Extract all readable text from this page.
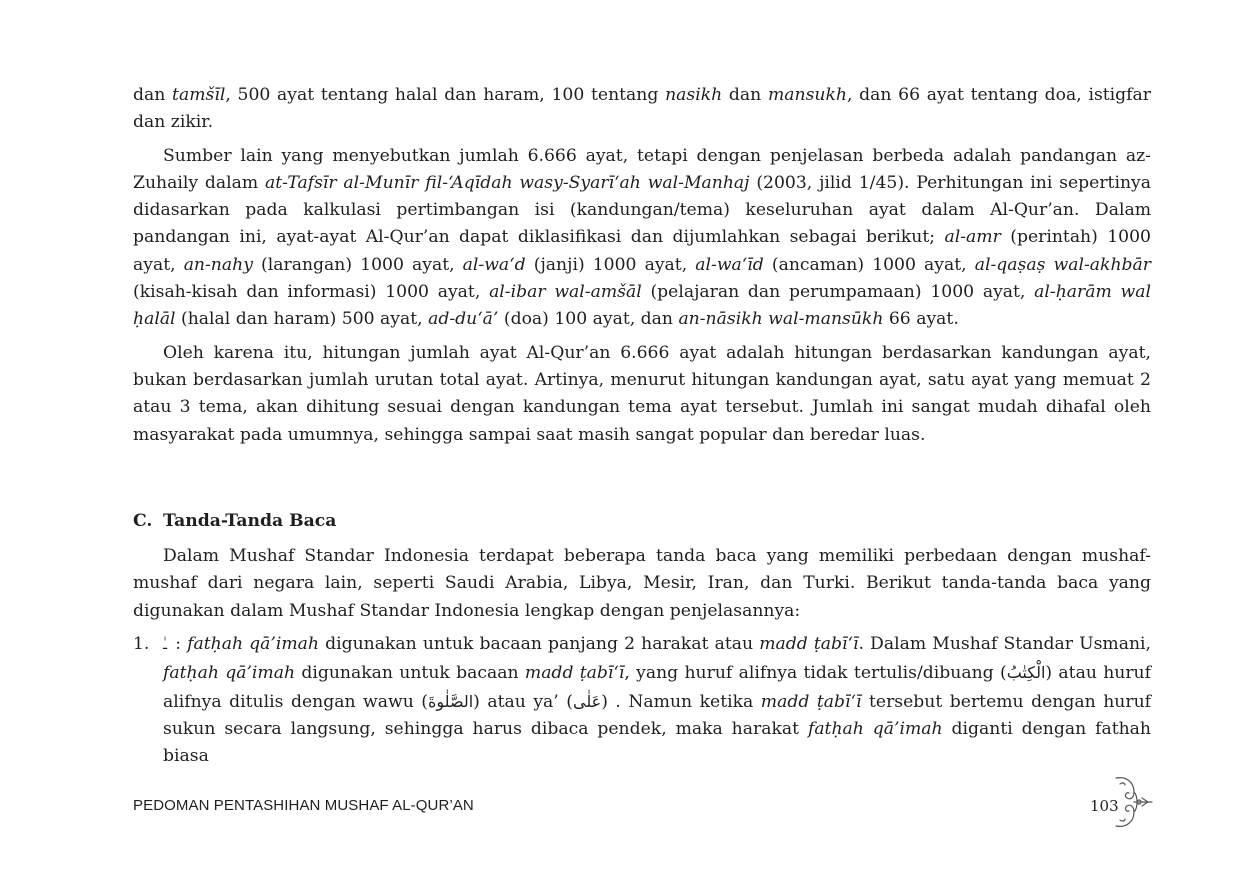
dan tamšīl, 500 ayat tentang halal dan haram, 100 tentang nasikh dan mansukh, dan 66 ayat tentang doa, istigfar dan zikir.

Sumber lain yang menyebutkan jumlah 6.666 ayat, tetapi dengan penjelasan berbeda adalah pandangan az-Zuhaily dalam at-Tafsīr al-Munīr fil-‘Aqīdah wasy-Syarī‘ah wal-Manhaj (2003, jilid 1/45). Perhitungan ini sepertinya didasarkan pada kalkulasi pertimbangan isi (kandungan/tema) keseluruhan ayat dalam Al-Qur’an. Dalam pandangan ini, ayat-ayat Al-Qur’an dapat diklasifikasi dan dijumlahkan sebagai berikut; al-amr (perintah) 1000 ayat, an-nahy (larangan) 1000 ayat, al-wa‘d (janji) 1000 ayat, al-wa‘īd (ancaman) 1000 ayat, al-qaṣaṣ wal-akhbār (kisah-kisah dan informasi) 1000 ayat, al-ibar wal-amšāl (pelajaran dan perumpamaan) 1000 ayat, al-ḥarām wal ḥalāl (halal dan haram) 500 ayat, ad-du‘ā’ (doa) 100 ayat, dan an-nāsikh wal-mansūkh 66 ayat.

Oleh karena itu, hitungan jumlah ayat Al-Qur’an 6.666 ayat adalah hitungan berdasarkan kandungan ayat, bukan berdasarkan jumlah urutan total ayat. Artinya, menurut hitungan kandungan ayat, satu ayat yang memuat 2 atau 3 tema, akan dihitung sesuai dengan kandungan tema ayat tersebut. Jumlah ini sangat mudah dihafal oleh masyarakat pada umumnya, sehingga sampai saat masih sangat popular dan beredar luas.

C. Tanda-Tanda Baca

Dalam Mushaf Standar Indonesia terdapat beberapa tanda baca yang memiliki perbedaan dengan mushaf-mushaf dari negara lain, seperti Saudi Arabia, Libya, Mesir, Iran, dan Turki. Berikut tanda-tanda baca yang digunakan dalam Mushaf Standar Indonesia lengkap dengan penjelasannya:

1. ـٰ : fatḥah qā’imah digunakan untuk bacaan panjang 2 harakat atau madd ṭabī‘ī. Dalam Mushaf Standar Usmani, fatḥah qā’imah digunakan untuk bacaan madd ṭabī‘ī, yang huruf alifnya tidak tertulis/dibuang (الْكِتٰبُ) atau huruf alifnya ditulis dengan wawu (الصَّلٰوةَ) atau ya’ (عَلٰى) . Namun ketika madd ṭabī‘ī tersebut bertemu dengan huruf sukun secara langsung, sehingga harus dibaca pendek, maka harakat fatḥah qā’imah diganti dengan fathah biasa
PEDOMAN PENTASHIHAN MUSHAF AL-QUR’AN	103
